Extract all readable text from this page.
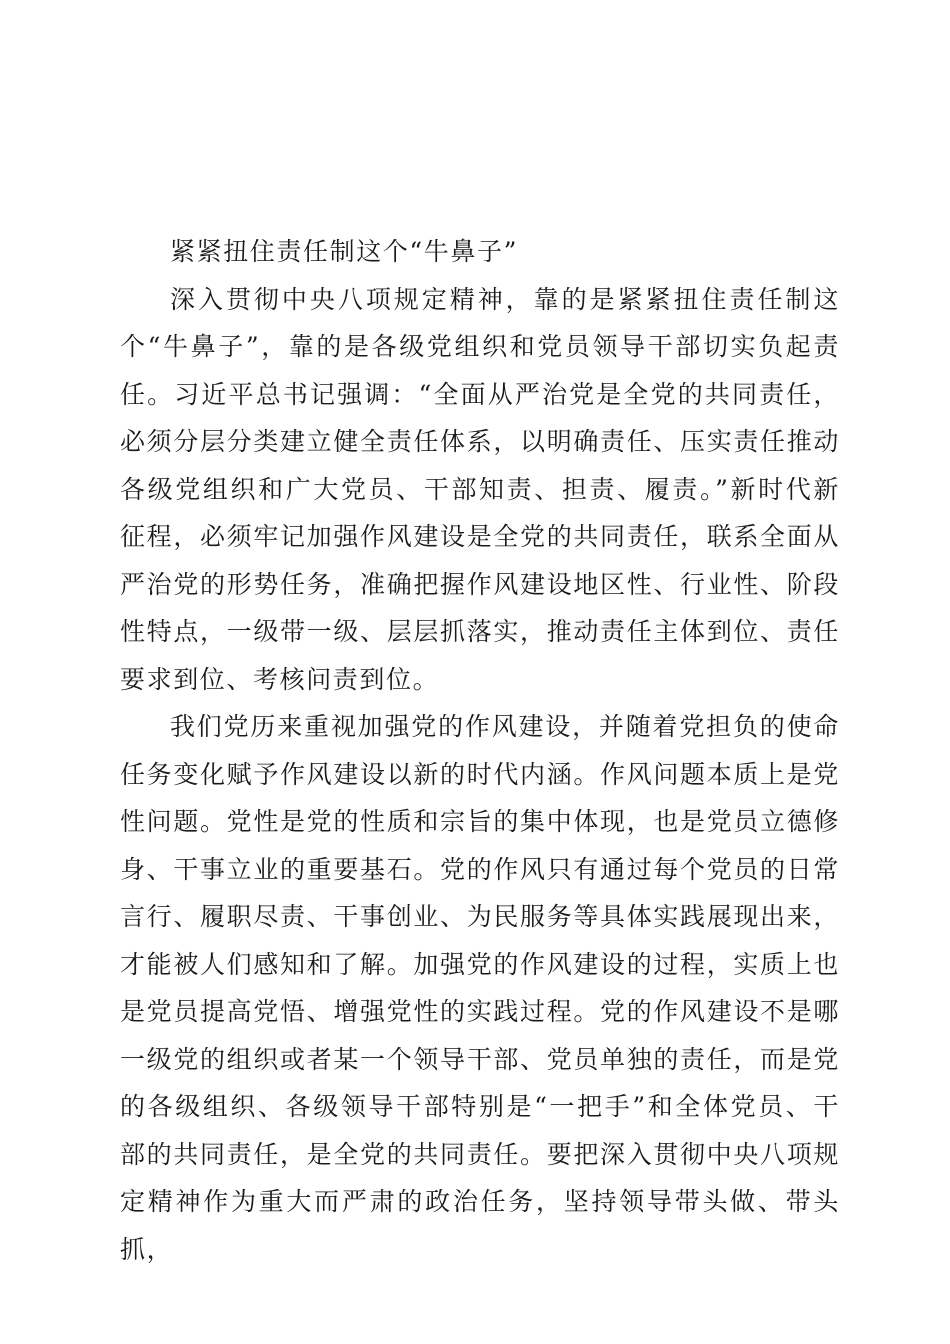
紧紧扭住责任制这个“牛鼻子”

深入贯彻中央八项规定精神，靠的是紧紧扭住责任制这个“牛鼻子”，靠的是各级党组织和党员领导干部切实负起责任。习近平总书记强调：“全面从严治党是全党的共同责任，必须分层分类建立健全责任体系，以明确责任、压实责任推动各级党组织和广大党员、干部知责、担责、履责。”新时代新征程，必须牢记加强作风建设是全党的共同责任，联系全面从严治党的形势任务，准确把握作风建设地区性、行业性、阶段性特点，一级带一级、层层抓落实，推动责任主体到位、责任要求到位、考核问责到位。

我们党历来重视加强党的作风建设，并随着党担负的使命任务变化赋予作风建设以新的时代内涵。作风问题本质上是党性问题。党性是党的性质和宗旨的集中体现，也是党员立德修身、干事立业的重要基石。党的作风只有通过每个党员的日常言行、履职尽责、干事创业、为民服务等具体实践展现出来，才能被人们感知和了解。加强党的作风建设的过程，实质上也是党员提高党悟、增强党性的实践过程。党的作风建设不是哪一级党的组织或者某一个领导干部、党员单独的责任，而是党的各级组织、各级领导干部特别是“一把手”和全体党员、干部的共同责任，是全党的共同责任。要把深入贯彻中央八项规定精神作为重大而严肃的政治任务，坚持领导带头做、带头抓，
